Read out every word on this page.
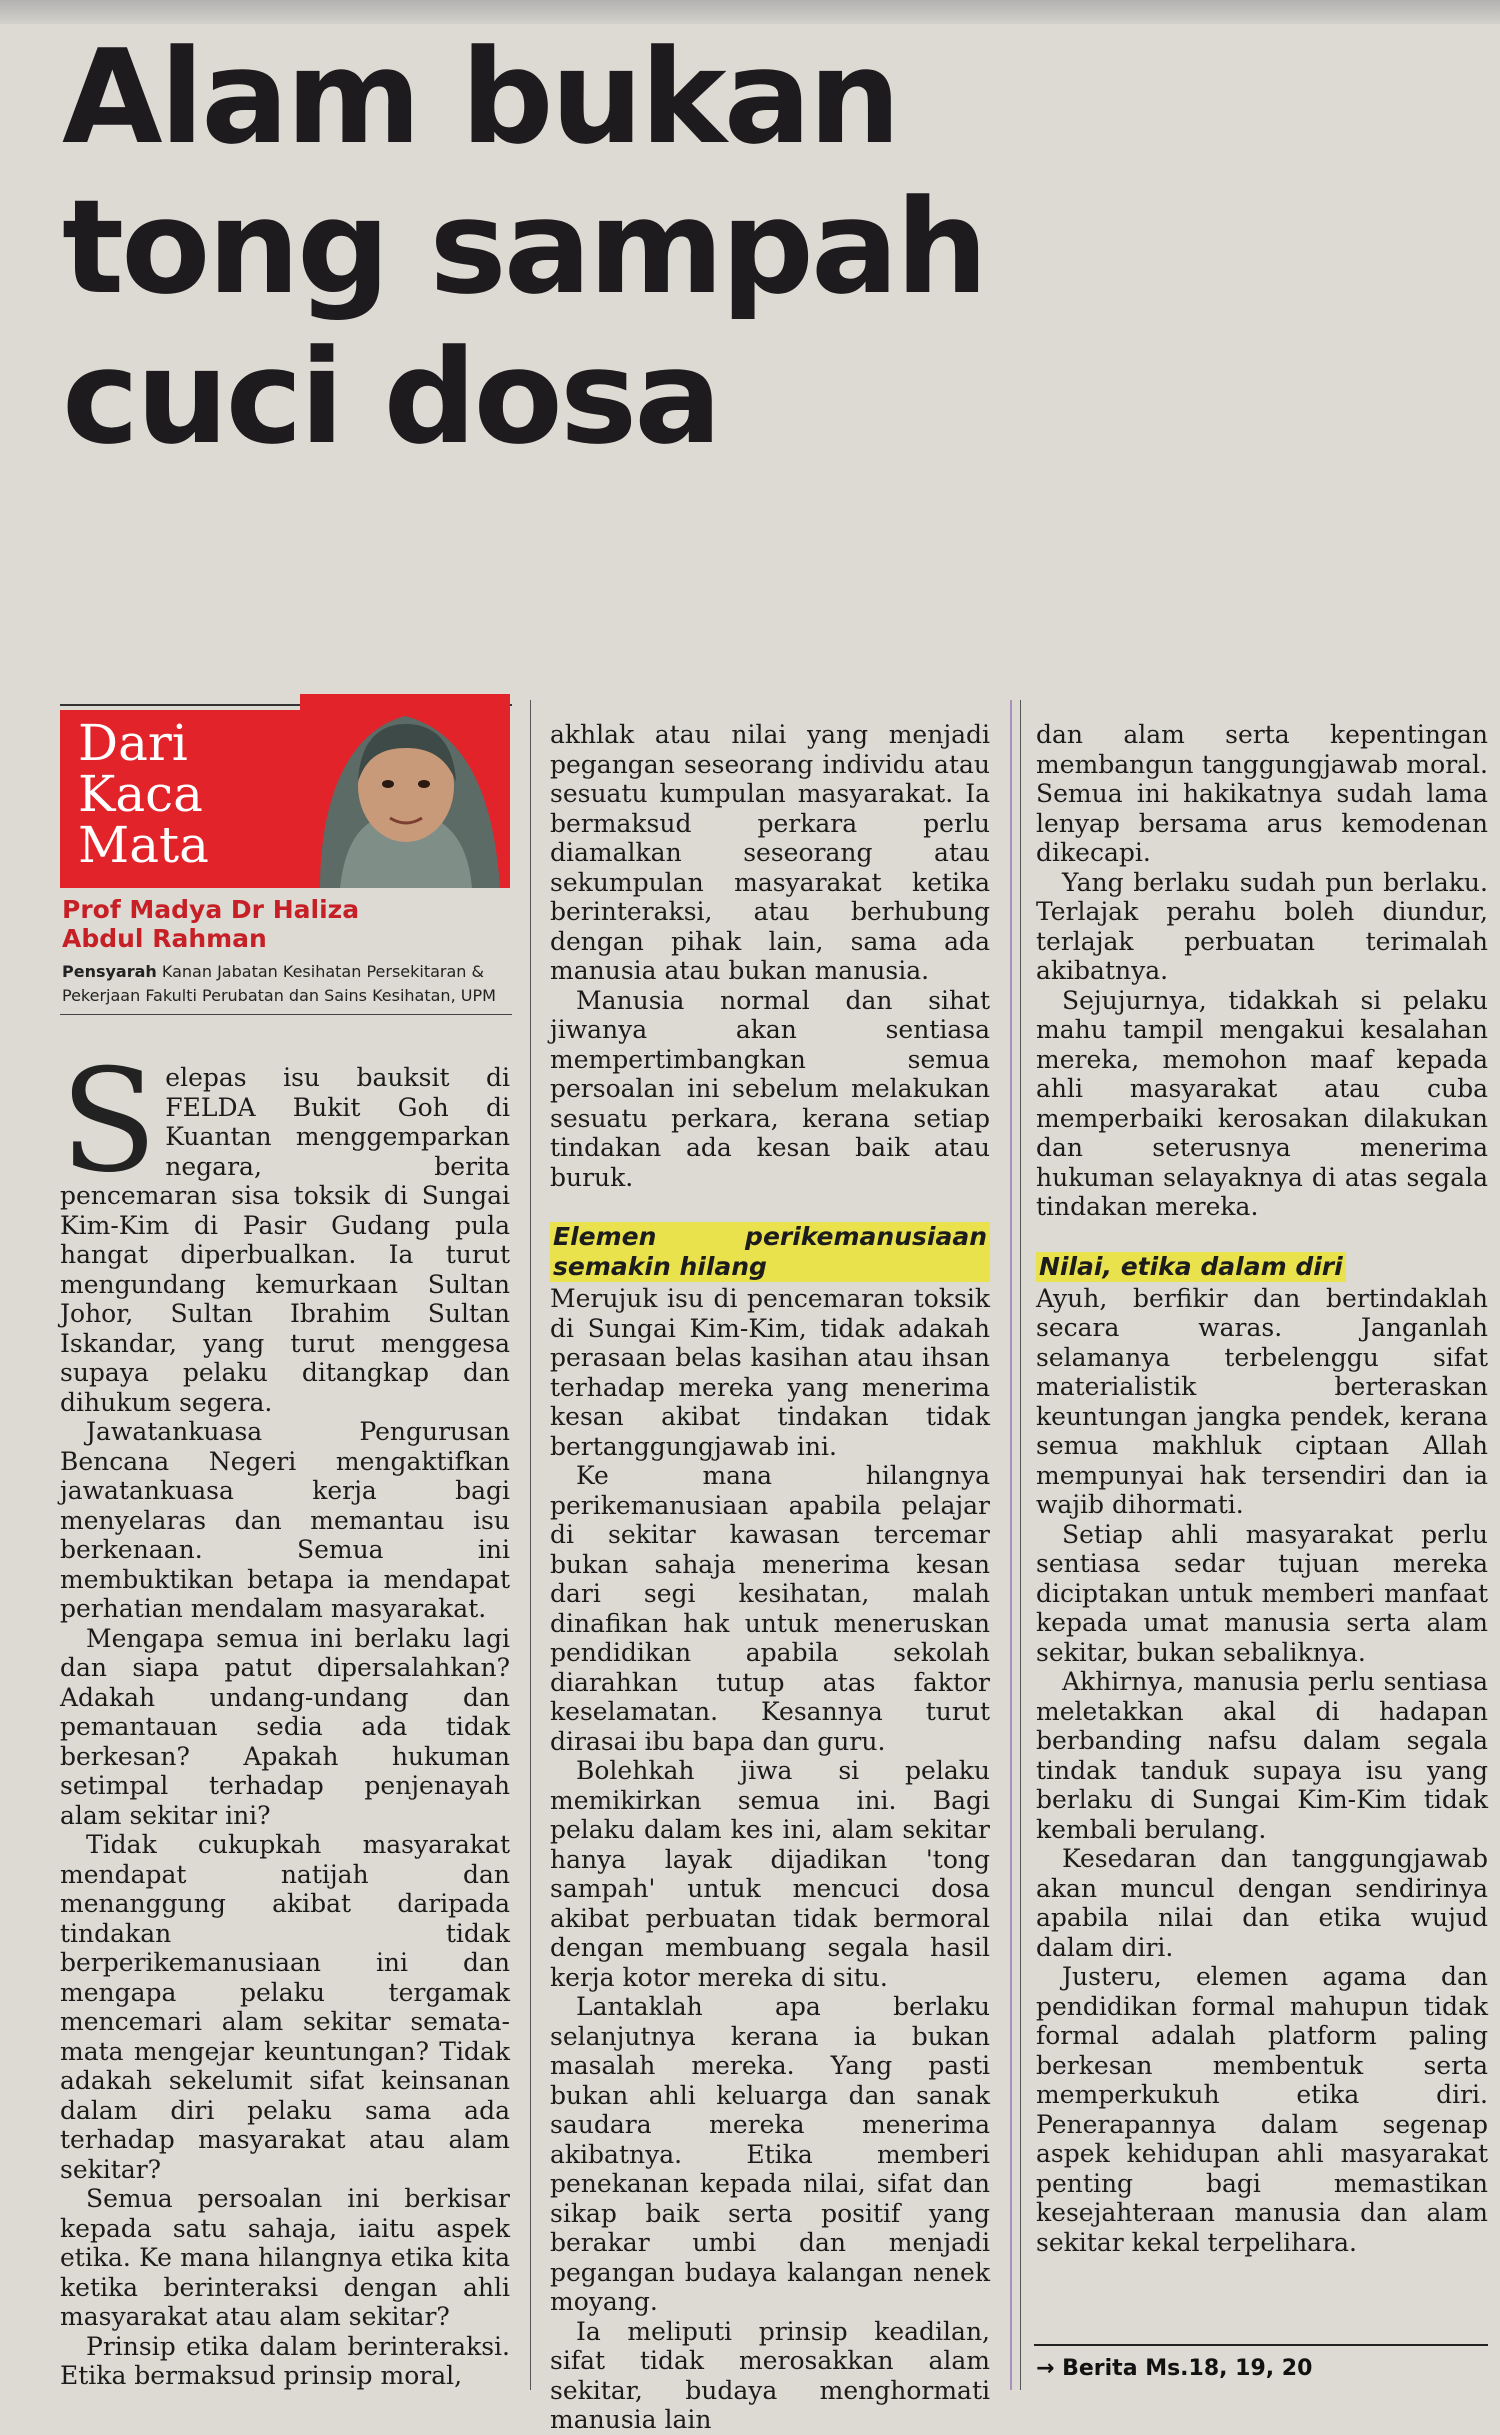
Alam bukan tong sampah cuci dosa
Dari
Kaca
Mata
Prof Madya Dr Haliza
Abdul Rahman
Pensyarah Kanan Jabatan Kesihatan Persekitaran & Pekerjaan Fakulti Perubatan dan Sains Kesihatan, UPM

Selepas isu bauksit di FELDA Bukit Goh di Kuantan menggemparkan negara, berita pencemaran sisa toksik di Sungai Kim-Kim di Pasir Gudang pula hangat diperbualkan. Ia turut mengundang kemurkaan Sultan Johor, Sultan Ibrahim Sultan Iskandar, yang turut menggesa supaya pelaku ditangkap dan dihukum segera.

Jawatankuasa Pengurusan Bencana Negeri mengaktifkan jawatankuasa kerja bagi menyelaras dan memantau isu berkenaan. Semua ini membuktikan betapa ia mendapat perhatian mendalam masyarakat.

Mengapa semua ini berlaku lagi dan siapa patut dipersalahkan? Adakah undang-undang dan pemantauan sedia ada tidak berkesan? Apakah hukuman setimpal terhadap penjenayah alam sekitar ini?

Tidak cukupkah masyarakat mendapat natijah dan menanggung akibat daripada tindakan tidak berperikemanusiaan ini dan mengapa pelaku tergamak mencemari alam sekitar semata-mata mengejar keuntungan? Tidak adakah sekelumit sifat keinsanan dalam diri pelaku sama ada terhadap masyarakat atau alam sekitar?

Semua persoalan ini berkisar kepada satu sahaja, iaitu aspek etika. Ke mana hilangnya etika kita ketika berinteraksi dengan ahli masyarakat atau alam sekitar?

Prinsip etika dalam berinteraksi. Etika bermaksud prinsip moral,

akhlak atau nilai yang menjadi pegangan seseorang individu atau sesuatu kumpulan masyarakat. Ia bermaksud perkara perlu diamalkan seseorang atau sekumpulan masyarakat ketika berinteraksi, atau berhubung dengan pihak lain, sama ada manusia atau bukan manusia.

Manusia normal dan sihat jiwanya akan sentiasa mempertimbangkan semua persoalan ini sebelum melakukan sesuatu perkara, kerana setiap tindakan ada kesan baik atau buruk.

Elemen perikemanusiaan semakin hilang

Merujuk isu di pencemaran toksik di Sungai Kim-Kim, tidak adakah perasaan belas kasihan atau ihsan terhadap mereka yang menerima kesan akibat tindakan tidak bertanggungjawab ini.

Ke mana hilangnya perikemanusiaan apabila pelajar di sekitar kawasan tercemar bukan sahaja menerima kesan dari segi kesihatan, malah dinafikan hak untuk meneruskan pendidikan apabila sekolah diarahkan tutup atas faktor keselamatan. Kesannya turut dirasai ibu bapa dan guru.

Bolehkah jiwa si pelaku memikirkan semua ini. Bagi pelaku dalam kes ini, alam sekitar hanya layak dijadikan 'tong sampah' untuk mencuci dosa akibat perbuatan tidak bermoral dengan membuang segala hasil kerja kotor mereka di situ.

Lantaklah apa berlaku selanjutnya kerana ia bukan masalah mereka. Yang pasti bukan ahli keluarga dan sanak saudara mereka menerima akibatnya. Etika memberi penekanan kepada nilai, sifat dan sikap baik serta positif yang berakar umbi dan menjadi pegangan budaya kalangan nenek moyang.

Ia meliputi prinsip keadilan, sifat tidak merosakkan alam sekitar, budaya menghormati manusia lain

dan alam serta kepentingan membangun tanggungjawab moral. Semua ini hakikatnya sudah lama lenyap bersama arus kemodenan dikecapi.

Yang berlaku sudah pun berlaku. Terlajak perahu boleh diundur, terlajak perbuatan terimalah akibatnya.

Sejujurnya, tidakkah si pelaku mahu tampil mengakui kesalahan mereka, memohon maaf kepada ahli masyarakat atau cuba memperbaiki kerosakan dilakukan dan seterusnya menerima hukuman selayaknya di atas segala tindakan mereka.

Nilai, etika dalam diri

Ayuh, berfikir dan bertindaklah secara waras. Janganlah selamanya terbelenggu sifat materialistik berteraskan keuntungan jangka pendek, kerana semua makhluk ciptaan Allah mempunyai hak tersendiri dan ia wajib dihormati.

Setiap ahli masyarakat perlu sentiasa sedar tujuan mereka diciptakan untuk memberi manfaat kepada umat manusia serta alam sekitar, bukan sebaliknya.

Akhirnya, manusia perlu sentiasa meletakkan akal di hadapan berbanding nafsu dalam segala tindak tanduk supaya isu yang berlaku di Sungai Kim-Kim tidak kembali berulang.

Kesedaran dan tanggungjawab akan muncul dengan sendirinya apabila nilai dan etika wujud dalam diri.

Justeru, elemen agama dan pendidikan formal mahupun tidak formal adalah platform paling berkesan membentuk serta memperkukuh etika diri. Penerapannya dalam segenap aspek kehidupan ahli masyarakat penting bagi memastikan kesejahteraan manusia dan alam sekitar kekal terpelihara.

→ Berita Ms.18, 19, 20
